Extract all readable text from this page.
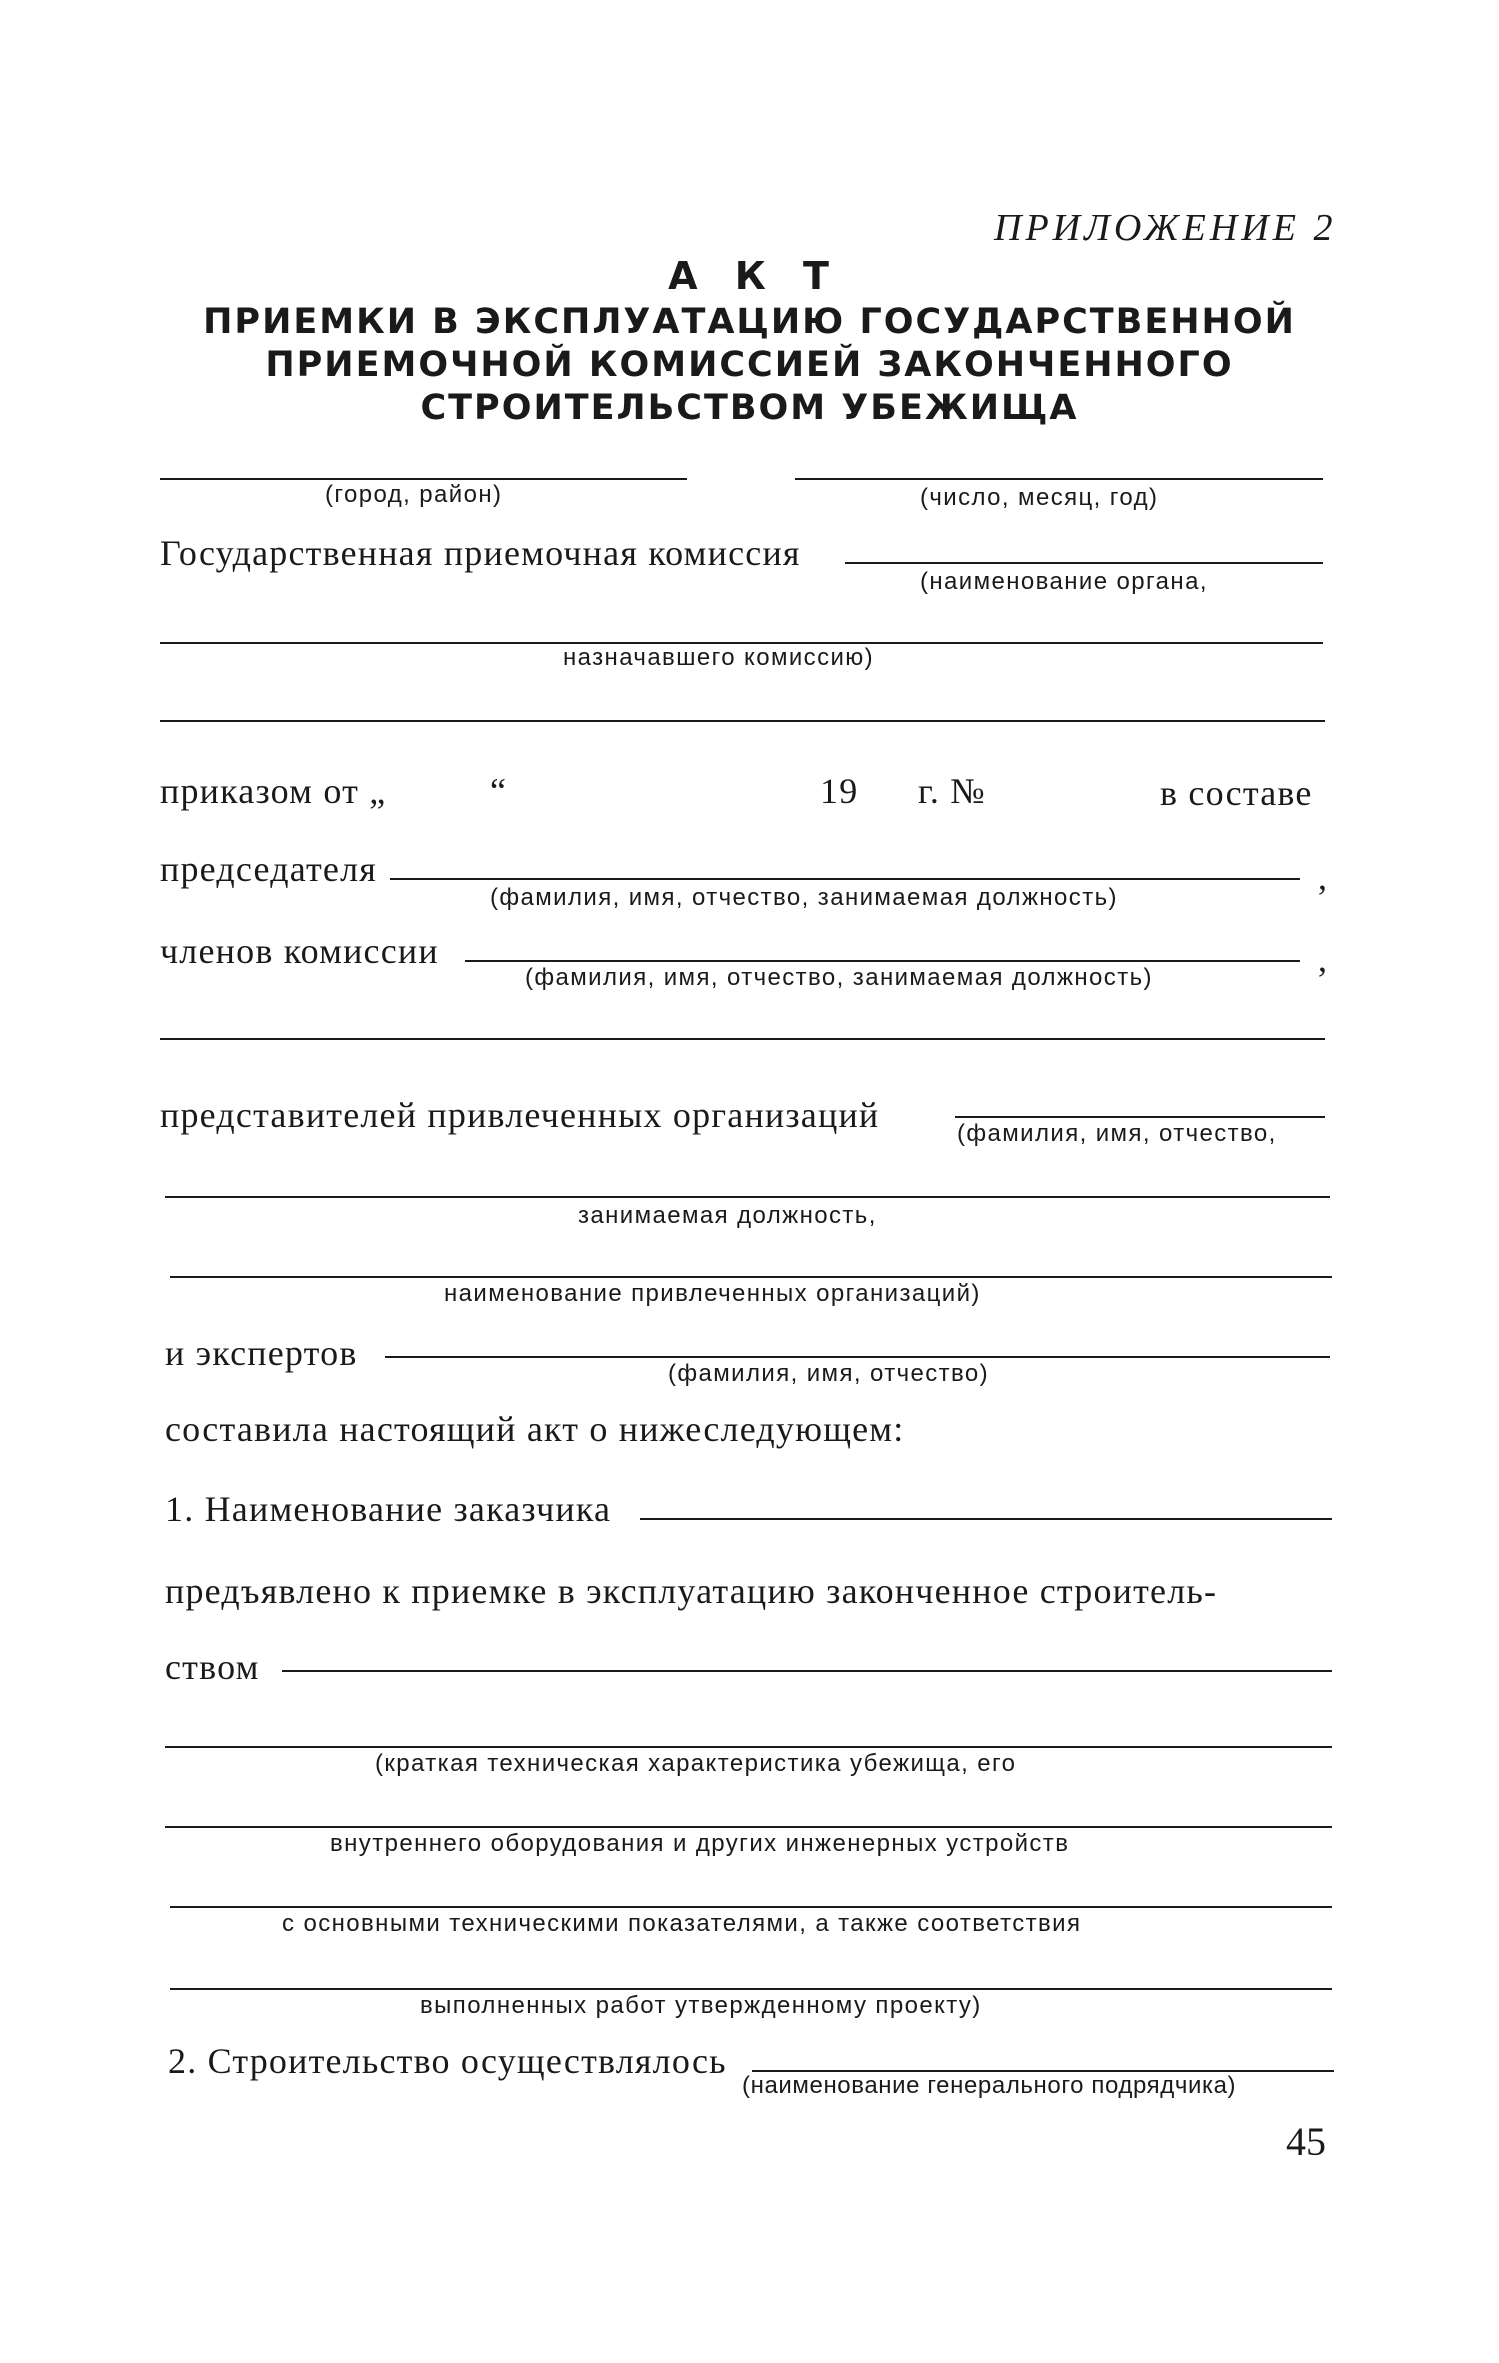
ПРИЛОЖЕНИЕ 2
А К Т
ПРИЕМКИ В ЭКСПЛУАТАЦИЮ ГОСУДАРСТВЕННОЙ
ПРИЕМОЧНОЙ КОМИССИЕЙ ЗАКОНЧЕННОГО
СТРОИТЕЛЬСТВОМ УБЕЖИЩА
(город, район)	(число, месяц, год)
Государственная приемочная комиссия
(наименование органа,
назначавшего комиссию)
приказом от „	“	19 г. №	в составе
председателя	,
(фамилия, имя, отчество, занимаемая должность)
членов комиссии	,
(фамилия, имя, отчество, занимаемая должность)
представителей привлеченных организаций	(фамилия, имя, отчество,
занимаемая должность,
наименование привлеченных организаций)
и экспертов
(фамилия, имя, отчество)
составила настоящий акт о нижеследующем:
1. Наименование заказчика
предъявлено к приемке в эксплуатацию законченное строитель-
ством
(краткая техническая характеристика убежища, его
внутреннего оборудования и других инженерных устройств
с основными техническими показателями, а также соответствия
выполненных работ утвержденному проекту)
2. Строительство осуществлялось
(наименование генерального подрядчика)
45
